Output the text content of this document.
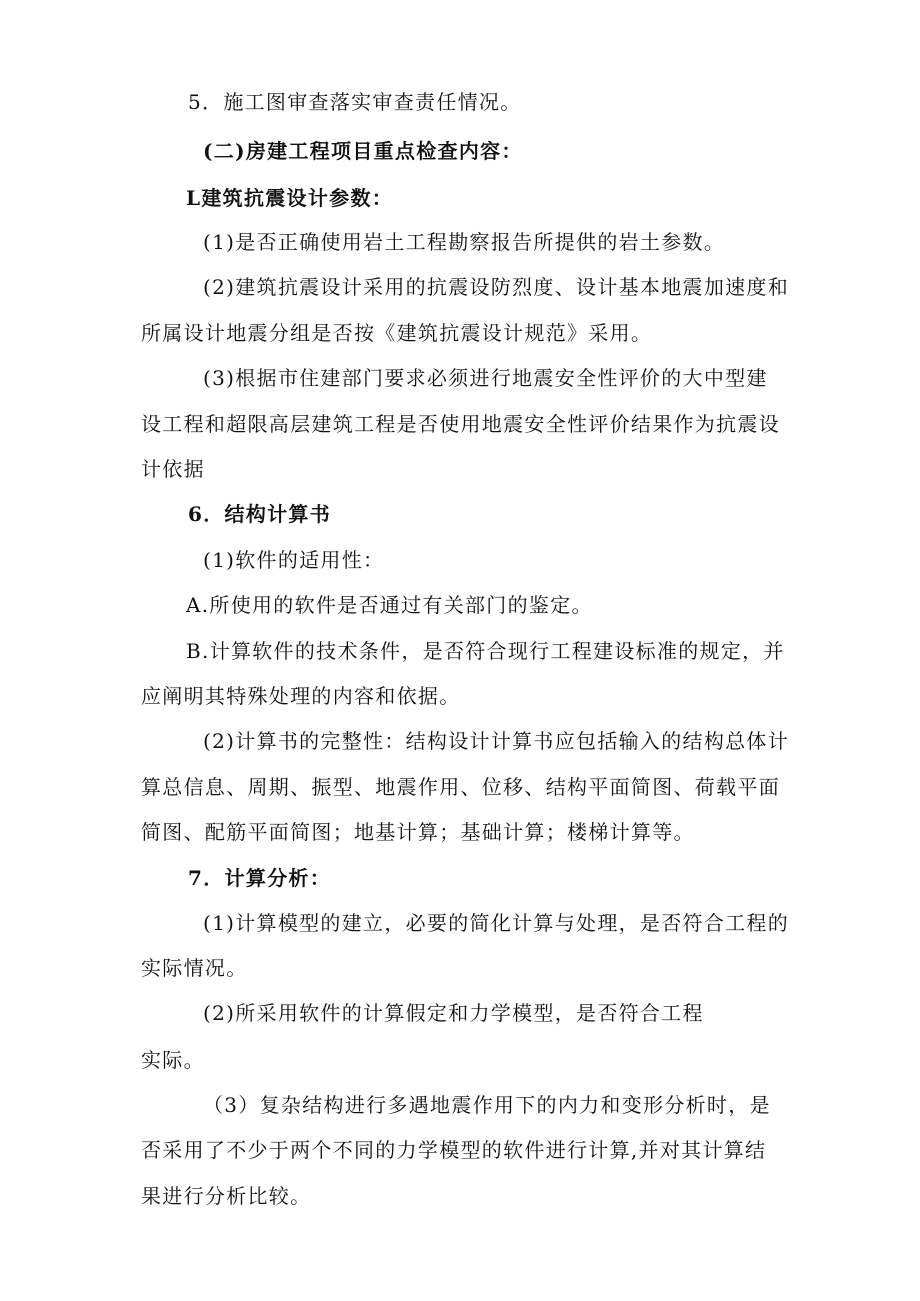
5．施工图审查落实审查责任情况。
(二)房建工程项目重点检查内容：
L建筑抗震设计参数：
(1)是否正确使用岩土工程勘察报告所提供的岩土参数。
(2)建筑抗震设计采用的抗震设防烈度、设计基本地震加速度和
所属设计地震分组是否按《建筑抗震设计规范》采用。
(3)根据市住建部门要求必须进行地震安全性评价的大中型建
设工程和超限高层建筑工程是否使用地震安全性评价结果作为抗震设
计依据
6．结构计算书
(1)软件的适用性：
A.所使用的软件是否通过有关部门的鉴定。
B.计算软件的技术条件，是否符合现行工程建设标准的规定，并
应阐明其特殊处理的内容和依据。
(2)计算书的完整性：结构设计计算书应包括输入的结构总体计
算总信息、周期、振型、地震作用、位移、结构平面简图、荷载平面
简图、配筋平面简图；地基计算；基础计算；楼梯计算等。
7．计算分析：
(1)计算模型的建立，必要的简化计算与处理，是否符合工程的
实际情况。
(2)所采用软件的计算假定和力学模型，是否符合工程
实际。
（3）复杂结构进行多遇地震作用下的内力和变形分析时，是
否采用了不少于两个不同的力学模型的软件进行计算,并对其计算结
果进行分析比较。
